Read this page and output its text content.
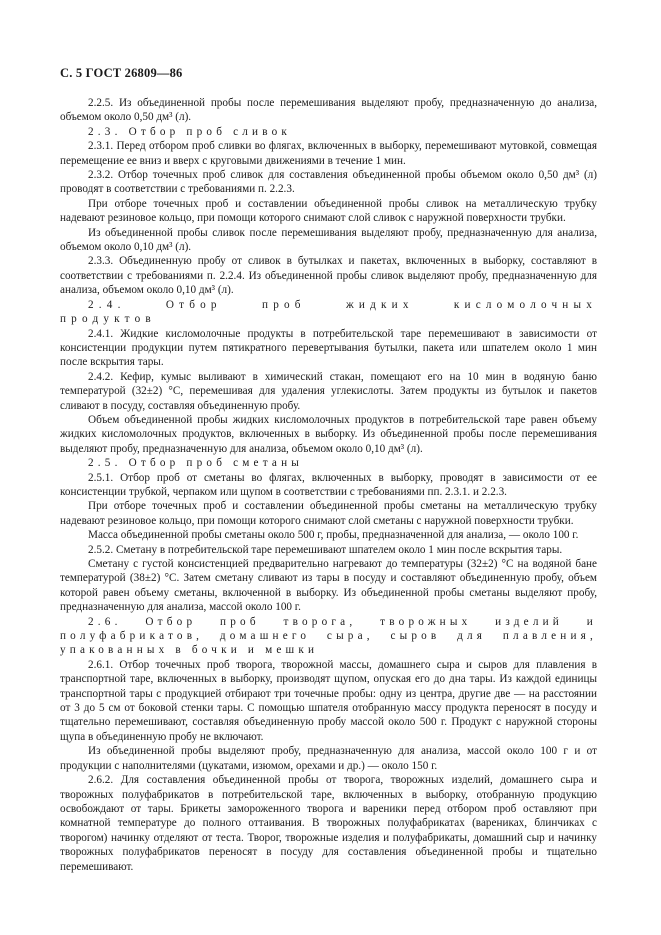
С. 5 ГОСТ 26809—86

2.2.5. Из объединенной пробы после перемешивания выделяют пробу, предназначенную до анализа, объемом около 0,50 дм³ (л).

2.3. Отбор проб сливок

2.3.1. Перед отбором проб сливки во флягах, включенных в выборку, перемешивают мутовкой, совмещая перемещение ее вниз и вверх с круговыми движениями в течение 1 мин.

2.3.2. Отбор точечных проб сливок для составления объединенной пробы объемом около 0,50 дм³ (л) проводят в соответствии с требованиями п. 2.2.3.

При отборе точечных проб и составлении объединенной пробы сливок на металлическую трубку надевают резиновое кольцо, при помощи которого снимают слой сливок с наружной поверхности трубки.

Из объединенной пробы сливок после перемешивания выделяют пробу, предназначенную для анализа, объемом около 0,10 дм³ (л).

2.3.3. Объединенную пробу от сливок в бутылках и пакетах, включенных в выборку, составляют в соответствии с требованиями п. 2.2.4. Из объединенной пробы сливок выделяют пробу, предназначенную для анализа, объемом около 0,10 дм³ (л).

2.4. Отбор проб жидких кисломолочных продуктов

2.4.1. Жидкие кисломолочные продукты в потребительской таре перемешивают в зависимости от консистенции продукции путем пятикратного перевертывания бутылки, пакета или шпателем около 1 мин после вскрытия тары.

2.4.2. Кефир, кумыс выливают в химический стакан, помещают его на 10 мин в водяную баню температурой (32±2) °С, перемешивая для удаления углекислоты. Затем продукты из бутылок и пакетов сливают в посуду, составляя объединенную пробу.

Объем объединенной пробы жидких кисломолочных продуктов в потребительской таре равен объему жидких кисломолочных продуктов, включенных в выборку. Из объединенной пробы после перемешивания выделяют пробу, предназначенную для анализа, объемом около 0,10 дм³ (л).

2.5. Отбор проб сметаны

2.5.1. Отбор проб от сметаны во флягах, включенных в выборку, проводят в зависимости от ее консистенции трубкой, черпаком или щупом в соответствии с требованиями пп. 2.3.1. и 2.2.3.

При отборе точечных проб и составлении объединенной пробы сметаны на металлическую трубку надевают резиновое кольцо, при помощи которого снимают слой сметаны с наружной поверхности трубки.

Масса объединенной пробы сметаны около 500 г, пробы, предназначенной для анализа, — около 100 г.

2.5.2. Сметану в потребительской таре перемешивают шпателем около 1 мин после вскрытия тары.

Сметану с густой консистенцией предварительно нагревают до температуры (32±2) °С на водяной бане температурой (38±2) °С. Затем сметану сливают из тары в посуду и составляют объединенную пробу, объем которой равен объему сметаны, включенной в выборку. Из объединенной пробы сметаны выделяют пробу, предназначенную для анализа, массой около 100 г.

2.6. Отбор проб творога, творожных изделий и полуфабрикатов, домашнего сыра, сыров для плавления, упакованных в бочки и мешки

2.6.1. Отбор точечных проб творога, творожной массы, домашнего сыра и сыров для плавления в транспортной таре, включенных в выборку, производят щупом, опуская его до дна тары. Из каждой единицы транспортной тары с продукцией отбирают три точечные пробы: одну из центра, другие две — на расстоянии от 3 до 5 см от боковой стенки тары. С помощью шпателя отобранную массу продукта переносят в посуду и тщательно перемешивают, составляя объединенную пробу массой около 500 г. Продукт с наружной стороны щупа в объединенную пробу не включают.

Из объединенной пробы выделяют пробу, предназначенную для анализа, массой около 100 г и от продукции с наполнителями (цукатами, изюмом, орехами и др.) — около 150 г.

2.6.2. Для составления объединенной пробы от творога, творожных изделий, домашнего сыра и творожных полуфабрикатов в потребительской таре, включенных в выборку, отобранную продукцию освобождают от тары. Брикеты замороженного творога и вареники перед отбором проб оставляют при комнатной температуре до полного оттаивания. В творожных полуфабрикатах (варениках, блинчиках с творогом) начинку отделяют от теста. Творог, творожные изделия и полуфабрикаты, домашний сыр и начинку творожных полуфабрикатов переносят в посуду для составления объединенной пробы и тщательно перемешивают.
